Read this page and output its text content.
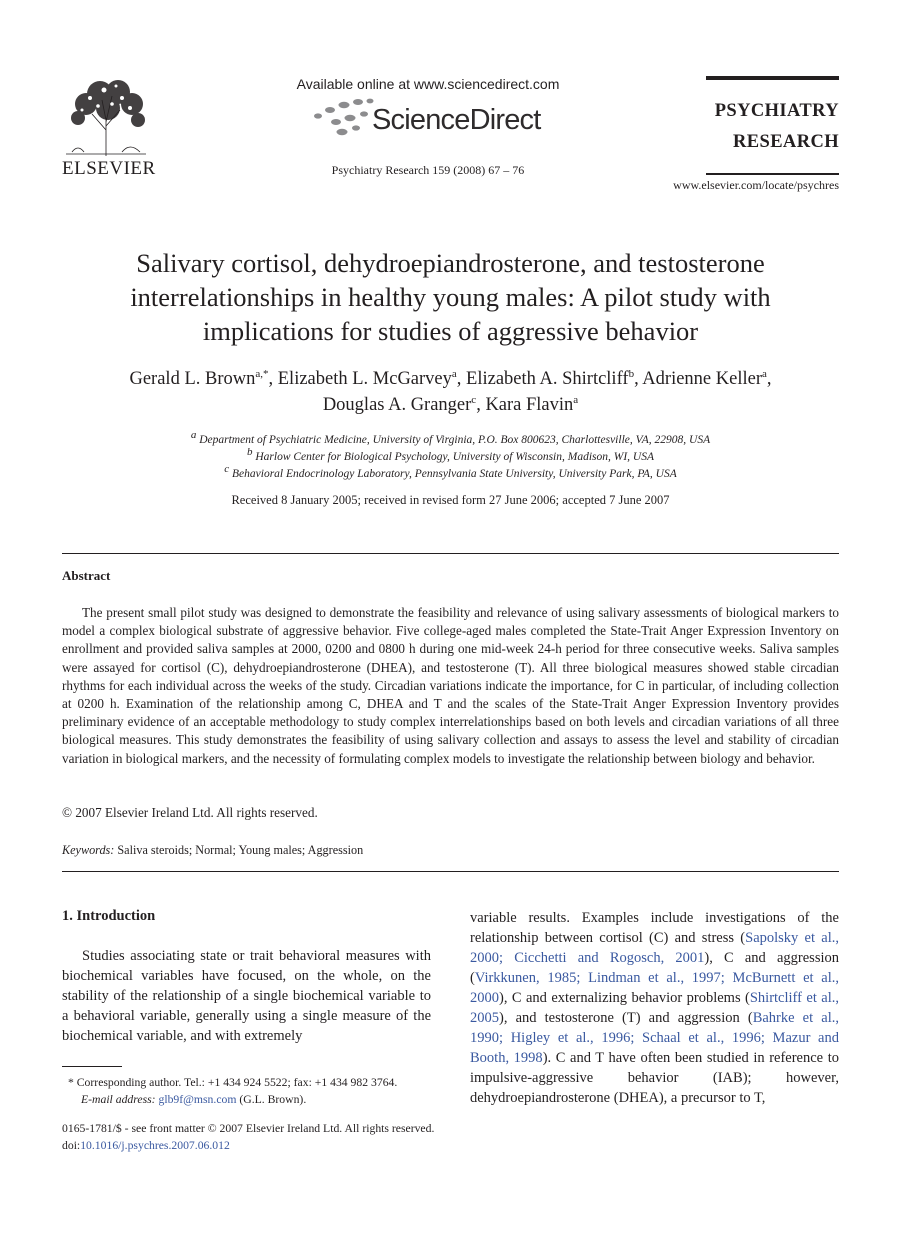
ELSEVIER
Available online at www.sciencedirect.com
ScienceDirect
Psychiatry Research 159 (2008) 67 – 76
PSYCHIATRY
RESEARCH
www.elsevier.com/locate/psychres
Salivary cortisol, dehydroepiandrosterone, and testosterone
interrelationships in healthy young males: A pilot study with
implications for studies of aggressive behavior
Gerald L. Brown$^{a,*}$, Elizabeth L. McGarvey$^a$, Elizabeth A. Shirtcliff$^b$, Adrienne Keller$^a$,
Douglas A. Granger$^c$, Kara Flavin$^a$
$^a$ Department of Psychiatric Medicine, University of Virginia, P.O. Box 800623, Charlottesville, VA, 22908, USA
$^b$ Harlow Center for Biological Psychology, University of Wisconsin, Madison, WI, USA
$^c$ Behavioral Endocrinology Laboratory, Pennsylvania State University, University Park, PA, USA
Received 8 January 2005; received in revised form 27 June 2006; accepted 7 June 2007
Abstract
The present small pilot study was designed to demonstrate the feasibility and relevance of using salivary assessments of biological markers to model a complex biological substrate of aggressive behavior. Five college-aged males completed the State-Trait Anger Expression Inventory on enrollment and provided saliva samples at 2000, 0200 and 0800 h during one mid-week 24-h period for three consecutive weeks. Saliva samples were assayed for cortisol (C), dehydroepiandrosterone (DHEA), and testosterone (T). All three biological measures showed stable circadian rhythms for each individual across the weeks of the study. Circadian variations indicate the importance, for C in particular, of including collection at 0200 h. Examination of the relationship among C, DHEA and T and the scales of the State-Trait Anger Expression Inventory provides preliminary evidence of an acceptable methodology to study complex interrelationships based on both levels and circadian variations of all three biological measures. This study demonstrates the feasibility of using salivary collection and assays to assess the level and stability of circadian variation in biological markers, and the necessity of formulating complex models to investigate the relationship between biology and behavior.
© 2007 Elsevier Ireland Ltd. All rights reserved.
Keywords: Saliva steroids; Normal; Young males; Aggression
1. Introduction
Studies associating state or trait behavioral measures with biochemical variables have focused, on the whole, on the stability of the relationship of a single biochemical variable to a behavioral variable, generally using a single measure of the biochemical variable, and with extremely
variable results. Examples include investigations of the relationship between cortisol (C) and stress (Sapolsky et al., 2000; Cicchetti and Rogosch, 2001), C and aggression (Virkkunen, 1985; Lindman et al., 1997; McBurnett et al., 2000), C and externalizing behavior problems (Shirtcliff et al., 2005), and testosterone (T) and aggression (Bahrke et al., 1990; Higley et al., 1996; Schaal et al., 1996; Mazur and Booth, 1998). C and T have often been studied in reference to impulsive-aggressive behavior (IAB); however, dehydroepiandrosterone (DHEA), a precursor to T,
* Corresponding author. Tel.: +1 434 924 5522; fax: +1 434 982 3764.
E-mail address: glb9f@msn.com (G.L. Brown).
0165-1781/$ - see front matter © 2007 Elsevier Ireland Ltd. All rights reserved.
doi:10.1016/j.psychres.2007.06.012
